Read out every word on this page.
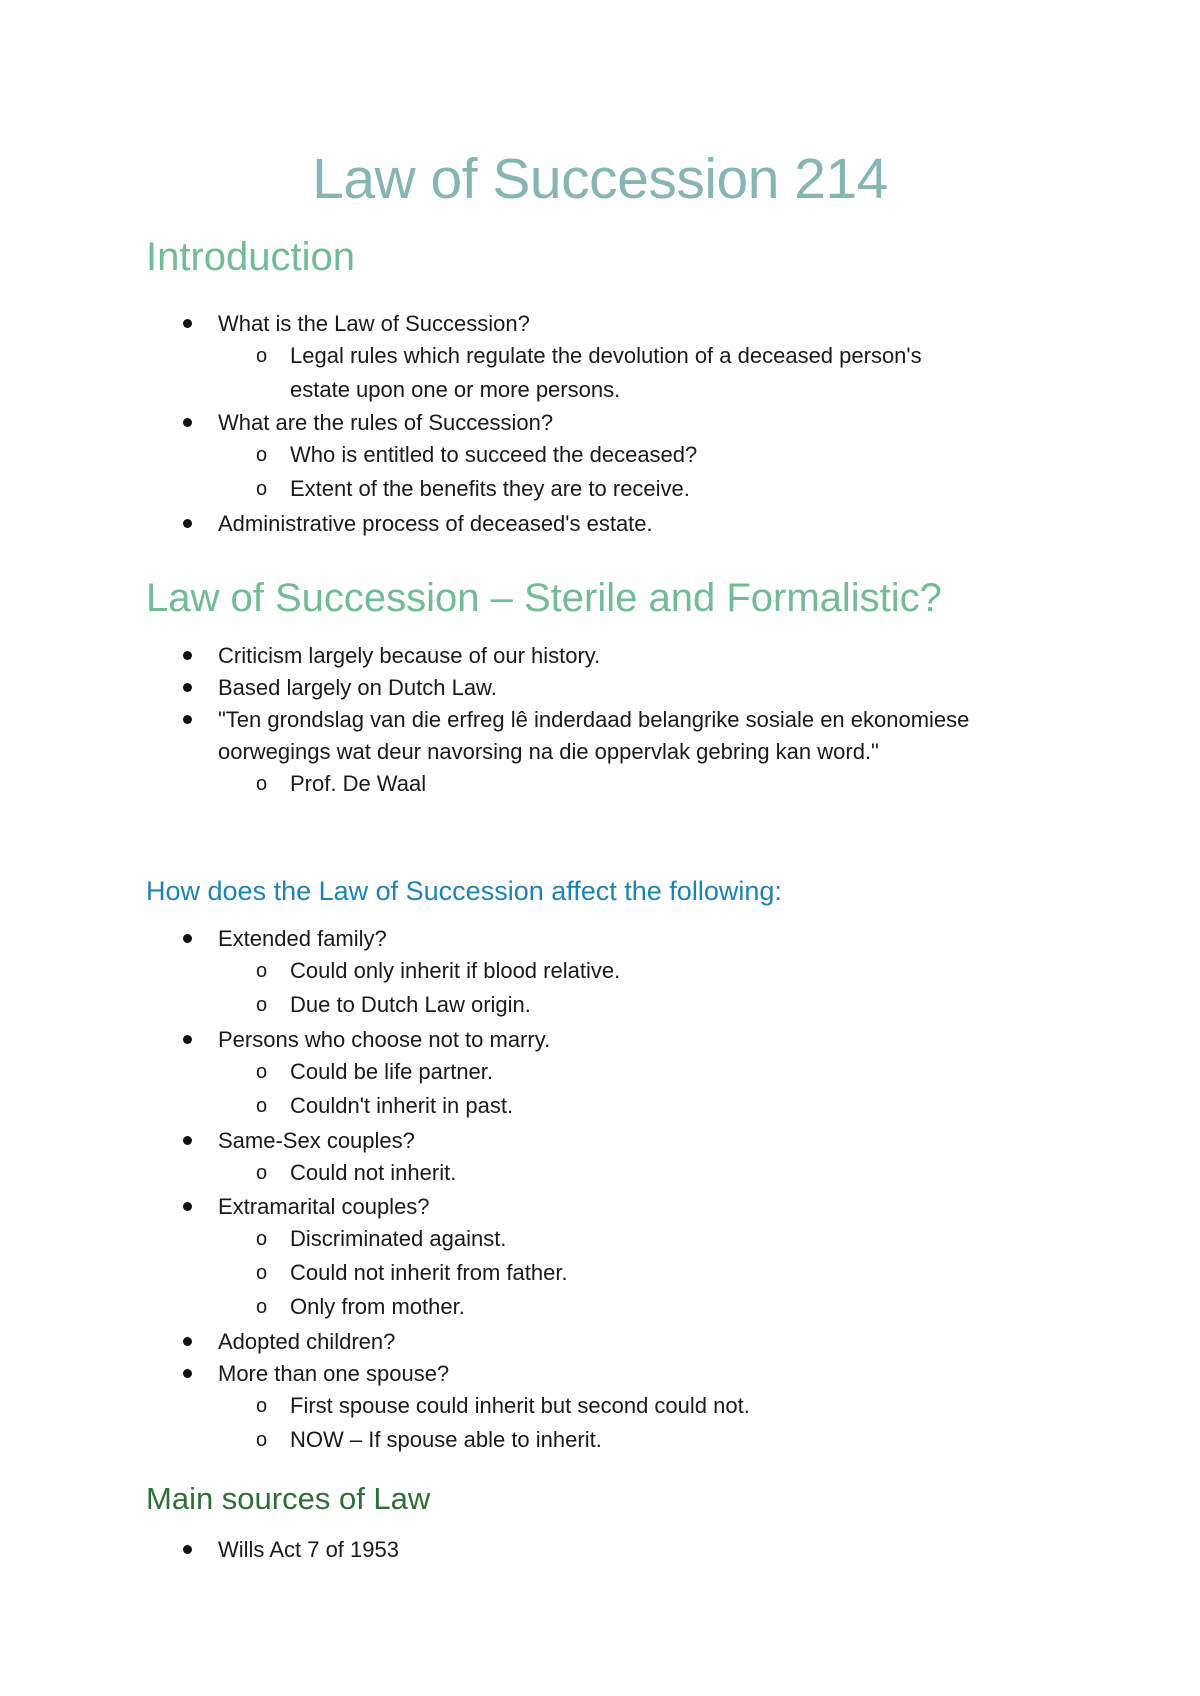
Law of Succession 214
Introduction
What is the Law of Succession?
o Legal rules which regulate the devolution of a deceased person's
estate upon one or more persons.
What are the rules of Succession?
o Who is entitled to succeed the deceased?
o Extent of the benefits they are to receive.
Administrative process of deceased's estate.
Law of Succession – Sterile and Formalistic?
Criticism largely because of our history.
Based largely on Dutch Law.
"Ten grondslag van die erfreg lê inderdaad belangrike sosiale en ekonomiese
oorwegings wat deur navorsing na die oppervlak gebring kan word."
o Prof. De Waal
How does the Law of Succession affect the following:
Extended family?
o Could only inherit if blood relative.
o Due to Dutch Law origin.
Persons who choose not to marry.
o Could be life partner.
o Couldn't inherit in past.
Same-Sex couples?
o Could not inherit.
Extramarital couples?
o Discriminated against.
o Could not inherit from father.
o Only from mother.
Adopted children?
More than one spouse?
o First spouse could inherit but second could not.
o NOW – If spouse able to inherit.
Main sources of Law
Wills Act 7 of 1953
